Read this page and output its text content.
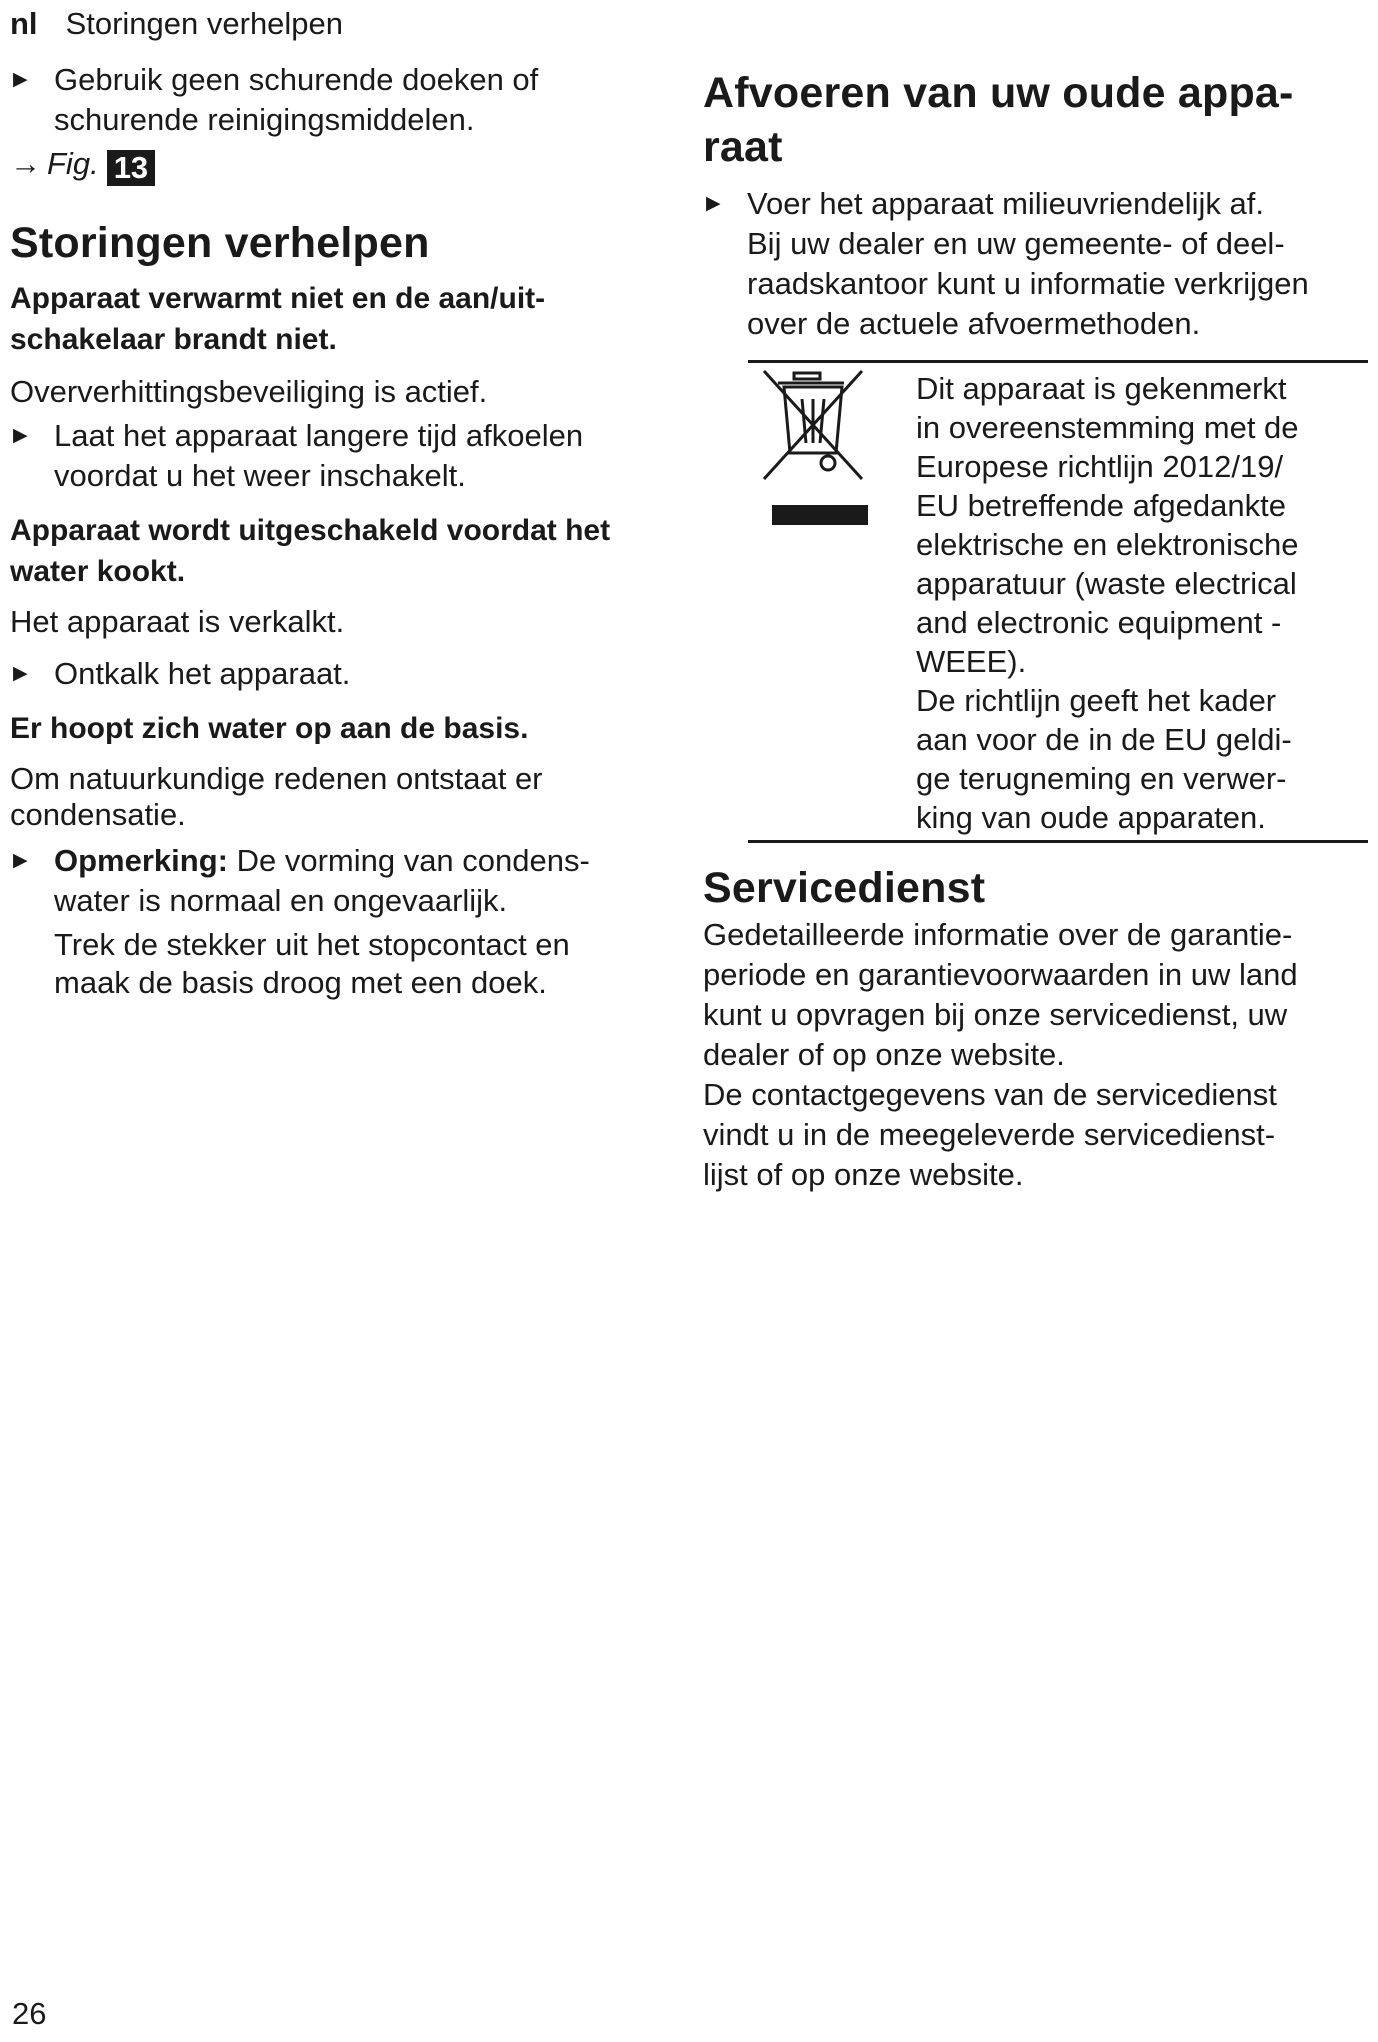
nl Storingen verhelpen
▶ Gebruik geen schurende doeken of
schurende reinigingsmiddelen.

→ Fig. 13

Storingen verhelpen
Apparaat verwarmt niet en de aan/uit-
schakelaar brandt niet.

Oververhittingsbeveiliging is actief.

▶ Laat het apparaat langere tijd afkoelen
voordat u het weer inschakelt.
Apparaat wordt uitgeschakeld voordat het
water kookt.

Het apparaat is verkalkt.

▶ Ontkalk het apparaat.
Er hoopt zich water op aan de basis.

Om natuurkundige redenen ontstaat er

condensatie.

▶ Opmerking: De vorming van condens-
water is normaal en ongevaarlijk.

Trek de stekker uit het stopcontact en

maak de basis droog met een doek.

Afvoeren van uw oude appa-
raat
▶ Voer het apparaat milieuvriendelijk af.

Bij uw dealer en uw gemeente- of deel-

raadskantoor kunt u informatie verkrijgen

over de actuele afvoermethoden.

Dit apparaat is gekenmerkt
in overeenstemming met de
Europese richtlijn 2012/19/
EU betreffende afgedankte
elektrische en elektronische
apparatuur (waste electrical
and electronic equipment -
WEEE).
De richtlijn geeft het kader
aan voor de in de EU geldi-
ge terugneming en verwer-
king van oude apparaten.
Servicedienst

Gedetailleerde informatie over de garantie-

periode en garantievoorwaarden in uw land

kunt u opvragen bij onze servicedienst, uw

dealer of op onze website.

De contactgegevens van de servicedienst

vindt u in de meegeleverde servicedienst-

lijst of op onze website.

26
